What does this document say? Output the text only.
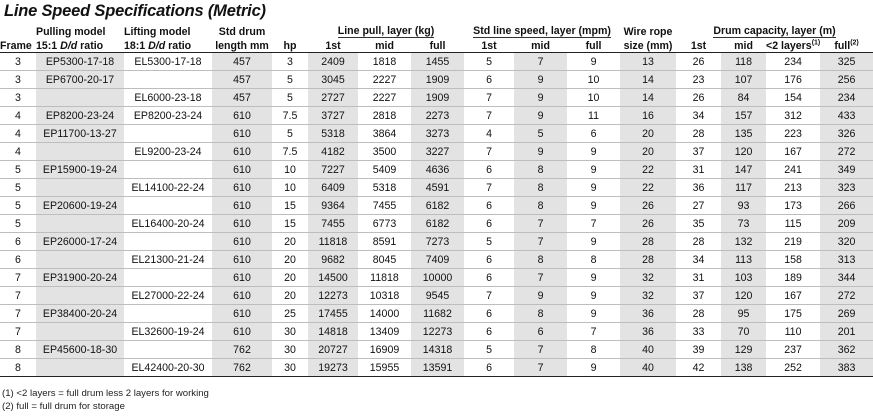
Line Speed Specifications (Metric)
	Pulling model	Lifting model	Std drum		Line pull, layer (kg)			Std line speed, layer (mpm)			Wire rope	Drum capacity, layer (m)			
Frame	15:1 D/d ratio	18:1 D/d ratio	length mm	hp	1st	mid	full	1st	mid	full	size (mm)	1st	mid	<2 layers$^{(1)}$	full$^{(2)}$
3	EP5300-17-18	EL5300-17-18	457	3	2409	1818	1455	5	7	9	13	26	118	234	325
3	EP6700-20-17		457	5	3045	2227	1909	6	9	10	14	23	107	176	256
3		EL6000-23-18	457	5	2727	2227	1909	7	9	10	14	26	84	154	234
4	EP8200-23-24	EP8200-23-24	610	7.5	3727	2818	2273	7	9	11	16	34	157	312	433
4	EP11700-13-27		610	5	5318	3864	3273	4	5	6	20	28	135	223	326
4		EL9200-23-24	610	7.5	4182	3500	3227	7	9	9	20	37	120	167	272
5	EP15900-19-24		610	10	7227	5409	4636	6	8	9	22	31	147	241	349
5		EL14100-22-24	610	10	6409	5318	4591	7	8	9	22	36	117	213	323
5	EP20600-19-24		610	15	9364	7455	6182	6	8	9	26	27	93	173	266
5		EL16400-20-24	610	15	7455	6773	6182	6	7	7	26	35	73	115	209
6	EP26000-17-24		610	20	11818	8591	7273	5	7	9	28	28	132	219	320
6		EL21300-21-24	610	20	9682	8045	7409	6	8	8	28	34	113	158	313
7	EP31900-20-24		610	20	14500	11818	10000	6	7	9	32	31	103	189	344
7		EL27000-22-24	610	20	12273	10318	9545	7	9	9	32	37	120	167	272
7	EP38400-20-24		610	25	17455	14000	11682	6	8	9	36	28	95	175	269
7		EL32600-19-24	610	30	14818	13409	12273	6	6	7	36	33	70	110	201
8	EP45600-18-30		762	30	20727	16909	14318	5	7	8	40	39	129	237	362
8		EL42400-20-30	762	30	19273	15955	13591	6	7	9	40	42	138	252	383
(1) <2 layers = full drum less 2 layers for working
(2) full = full drum for storage
